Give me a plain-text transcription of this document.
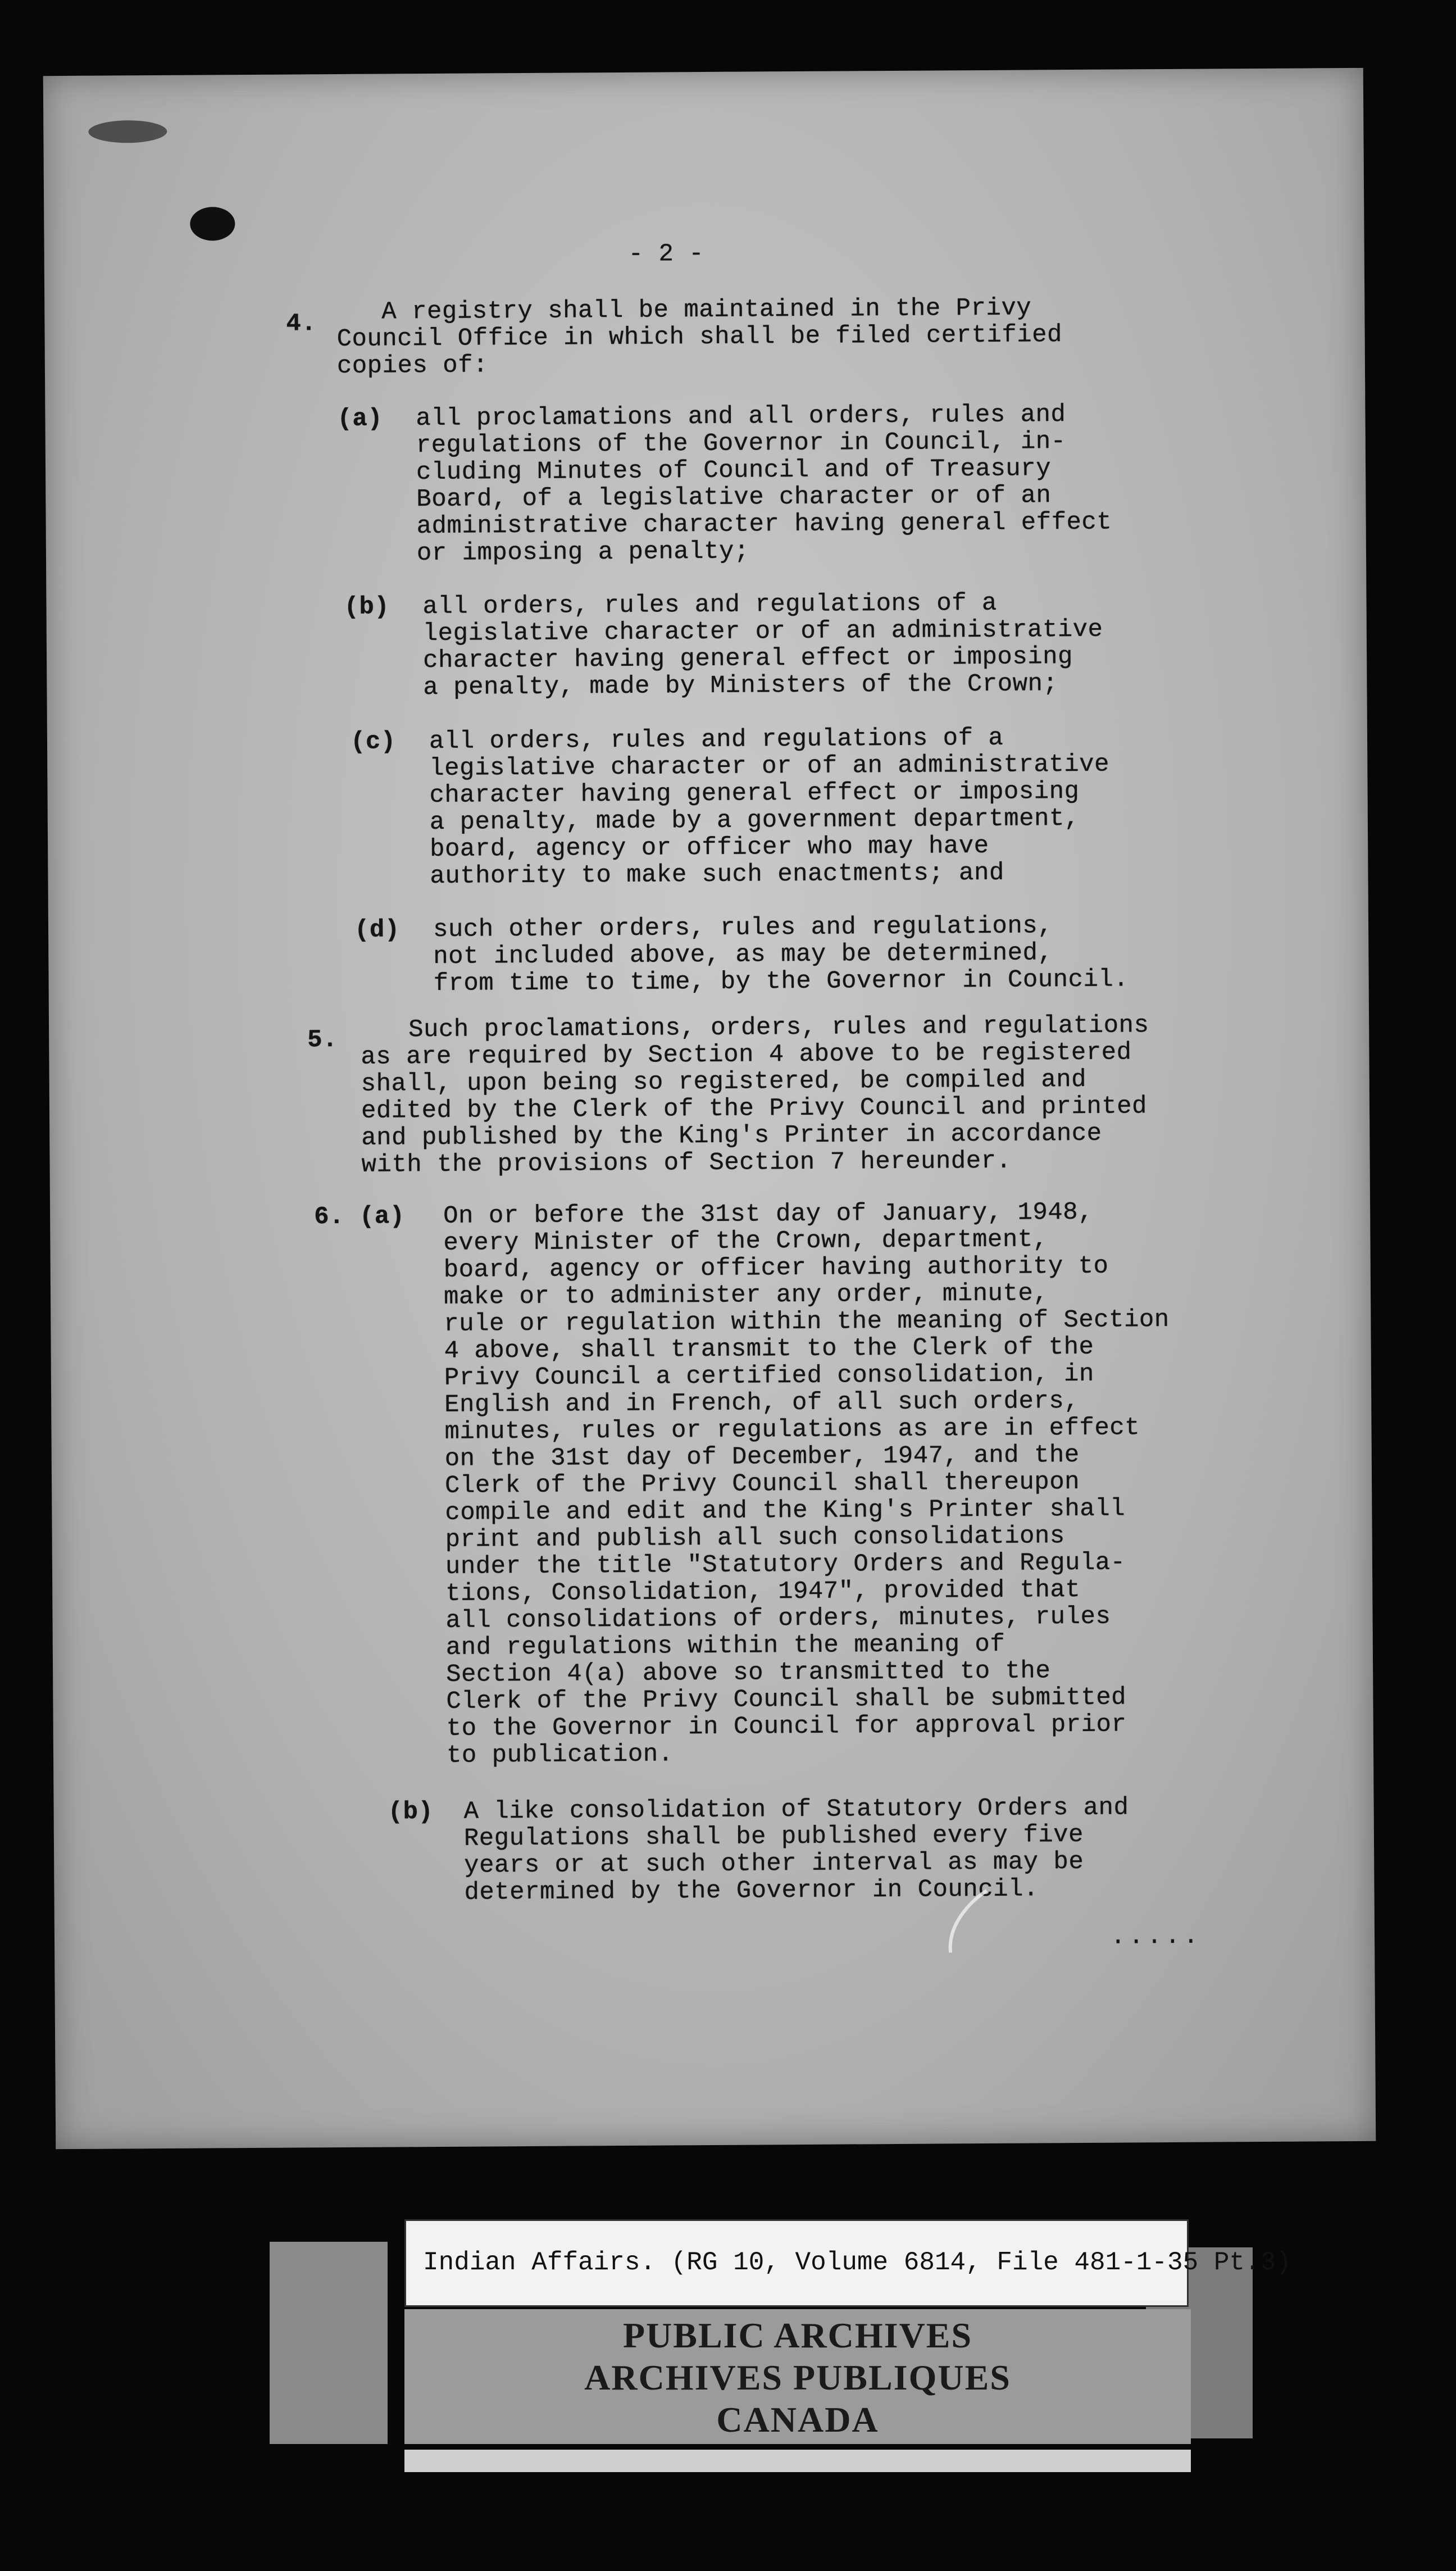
- 2 -
4.	A registry shall be maintained in the Privy
Council Office in which shall be filed certified
copies of:
(a) all proclamations and all orders, rules and
regulations of the Governor in Council, in-
cluding Minutes of Council and of Treasury
Board, of a legislative character or of an
administrative character having general effect
or imposing a penalty;
(b) all orders, rules and regulations of a
legislative character or of an administrative
character having general effect or imposing
a penalty, made by Ministers of the Crown;
(c) all orders, rules and regulations of a
legislative character or of an administrative
character having general effect or imposing
a penalty, made by a government department,
board, agency or officer who may have
authority to make such enactments; and
(d) such other orders, rules and regulations,
not included above, as may be determined,
from time to time, by the Governor in Council.
5.	Such proclamations, orders, rules and regulations
as are required by Section 4 above to be registered
shall, upon being so registered, be compiled and
edited by the Clerk of the Privy Council and printed
and published by the King's Printer in accordance
with the provisions of Section 7 hereunder.
6. (a) On or before the 31st day of January, 1948,
every Minister of the Crown, department,
board, agency or officer having authority to
make or to administer any order, minute,
rule or regulation within the meaning of Section
4 above, shall transmit to the Clerk of the
Privy Council a certified consolidation, in
English and in French, of all such orders,
minutes, rules or regulations as are in effect
on the 31st day of December, 1947, and the
Clerk of the Privy Council shall thereupon
compile and edit and the King's Printer shall
print and publish all such consolidations
under the title "Statutory Orders and Regula-
tions, Consolidation, 1947", provided that
all consolidations of orders, minutes, rules
and regulations within the meaning of
Section 4(a) above so transmitted to the
Clerk of the Privy Council shall be submitted
to the Governor in Council for approval prior
to publication.
(b) A like consolidation of Statutory Orders and
Regulations shall be published every five
years or at such other interval as may be
determined by the Governor in Council.
.....
Indian Affairs. (RG 10, Volume 6814, File 481-1-35 Pt.3)
PUBLIC ARCHIVES
ARCHIVES PUBLIQUES
CANADA
